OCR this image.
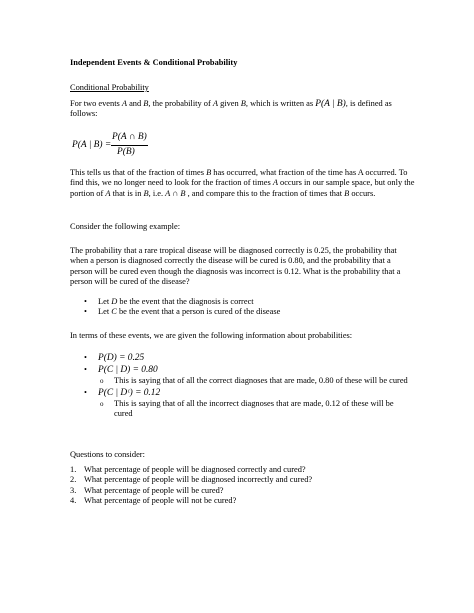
Independent Events & Conditional Probability

Conditional Probability

For two events A and B, the probability of A given B, which is written as P(A | B), is defined as follows:

P(A | B) =
P(A ∩ B)
P(B)

This tells us that of the fraction of times B has occurred, what fraction of the time has A occurred. To find this, we no longer need to look for the fraction of times A occurs in our sample space, but only the portion of A that is in B, i.e. A ∩ B , and compare this to the fraction of times that B occurs.

Consider the following example:

The probability that a rare tropical disease will be diagnosed correctly is 0.25, the probability that when a person is diagnosed correctly the disease will be cured is 0.80, and the probability that a person will be cured even though the diagnosis was incorrect is 0.12. What is the probability that a person will be cured of the disease?

• Let D be the event that the diagnosis is correct
• Let C be the event that a person is cured of the disease

In terms of these events, we are given the following information about probabilities:

• P(D) = 0.25
• P(C | D) = 0.80
o This is saying that of all the correct diagnoses that are made, 0.80 of these will be cured
• P(C | Dᶜ) = 0.12
o This is saying that of all the incorrect diagnoses that are made, 0.12 of these will be cured

Questions to consider:

1. What percentage of people will be diagnosed correctly and cured?
2. What percentage of people will be diagnosed incorrectly and cured?
3. What percentage of people will be cured?
4. What percentage of people will not be cured?
